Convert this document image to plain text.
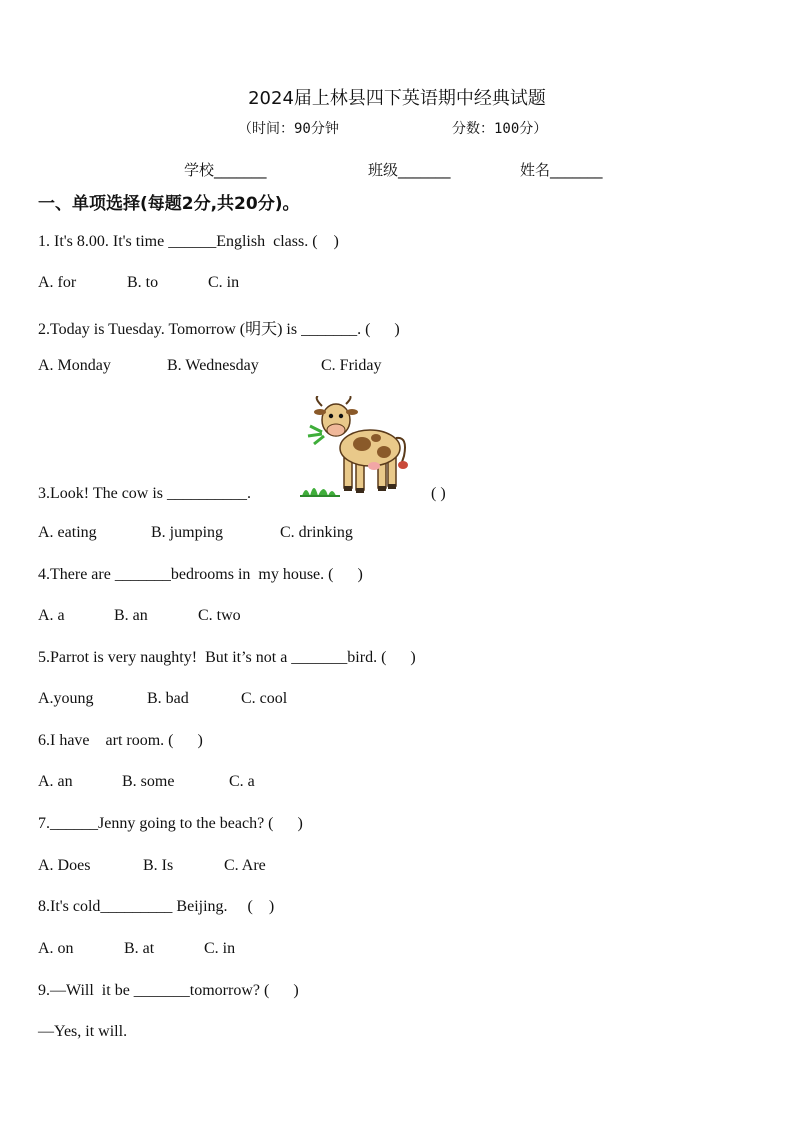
2024届上林县四下英语期中经典试题
（时间：90分钟	分数：100分）
学校_______	班级_______	姓名_______
一、单项选择(每题2分,共20分)。
1. It's 8.00. It's time ______English  class. (    )
A. for	B. to	C. in
2.Today is Tuesday. Tomorrow (明天) is _______. (      )
A. Monday	B. Wednesday	C. Friday
3.Look! The cow is __________.	( )
A. eating	B. jumping	C. drinking
4.There are _______bedrooms in  my house. (      )
A. a	B. an	C. two
5.Parrot is very naughty!  But it’s not a _______bird. (      )
A.young	B. bad	C. cool
6.I have    art room. (      )
A. an	B. some	C. a
7.______Jenny going to the beach? (      )
A. Does	B. Is	C. Are
8.It's cold_________ Beijing.     (    )
A. on	B. at	C. in
9.—Will  it be _______tomorrow? (      )
—Yes, it will.
